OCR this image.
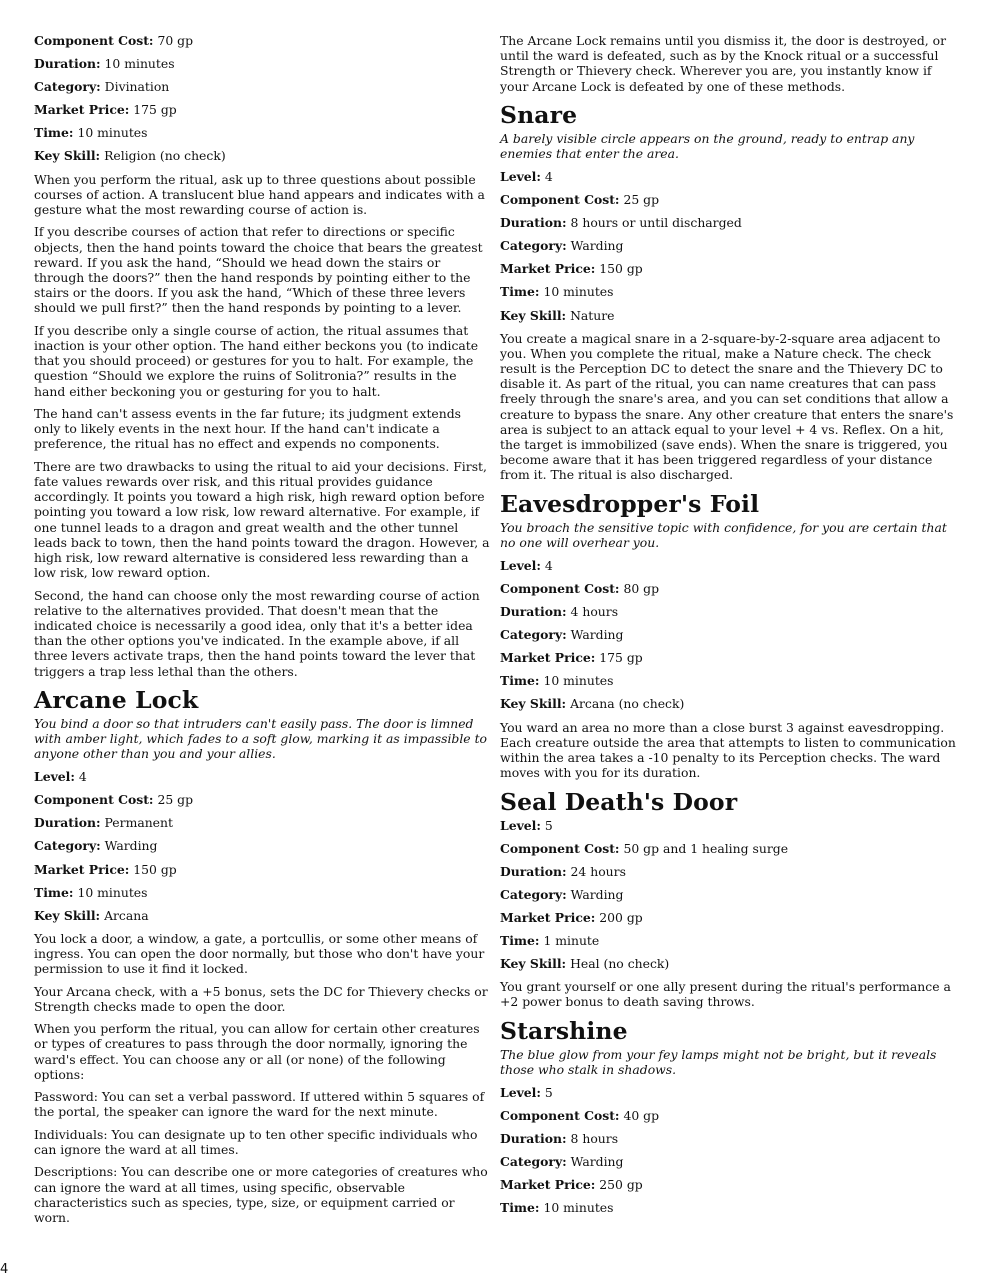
Component Cost: 70 gp
Duration: 10 minutes
Category: Divination
Market Price: 175 gp
Time: 10 minutes
Key Skill: Religion (no check)

When you perform the ritual, ask up to three questions about possible courses of action. A translucent blue hand appears and indicates with a gesture what the most rewarding course of action is.

If you describe courses of action that refer to directions or specific objects, then the hand points toward the choice that bears the greatest reward. If you ask the hand, “Should we head down the stairs or through the doors?” then the hand responds by pointing either to the stairs or the doors. If you ask the hand, “Which of these three levers should we pull first?” then the hand responds by pointing to a lever.

If you describe only a single course of action, the ritual assumes that inaction is your other option. The hand either beckons you (to indicate that you should proceed) or gestures for you to halt. For example, the question “Should we explore the ruins of Solitronia?” results in the hand either beckoning you or gesturing for you to halt.

The hand can't assess events in the far future; its judgment extends only to likely events in the next hour. If the hand can't indicate a preference, the ritual has no effect and expends no components.

There are two drawbacks to using the ritual to aid your decisions. First, fate values rewards over risk, and this ritual provides guidance accordingly. It points you toward a high risk, high reward option before pointing you toward a low risk, low reward alternative. For example, if one tunnel leads to a dragon and great wealth and the other tunnel leads back to town, then the hand points toward the dragon. However, a high risk, low reward alternative is considered less rewarding than a low risk, low reward option.

Second, the hand can choose only the most rewarding course of action relative to the alternatives provided. That doesn't mean that the indicated choice is necessarily a good idea, only that it's a better idea than the other options you've indicated. In the example above, if all three levers activate traps, then the hand points toward the lever that triggers a trap less lethal than the others.

Arcane Lock

You bind a door so that intruders can't easily pass. The door is limned with amber light, which fades to a soft glow, marking it as impassible to anyone other than you and your allies.

Level: 4
Component Cost: 25 gp
Duration: Permanent
Category: Warding
Market Price: 150 gp
Time: 10 minutes
Key Skill: Arcana

You lock a door, a window, a gate, a portcullis, or some other means of ingress. You can open the door normally, but those who don't have your permission to use it find it locked.

Your Arcana check, with a +5 bonus, sets the DC for Thievery checks or Strength checks made to open the door.

When you perform the ritual, you can allow for certain other creatures or types of creatures to pass through the door normally, ignoring the ward's effect. You can choose any or all (or none) of the following options:

Password: You can set a verbal password. If uttered within 5 squares of the portal, the speaker can ignore the ward for the next minute.

Individuals: You can designate up to ten other specific individuals who can ignore the ward at all times.

Descriptions: You can describe one or more categories of creatures who can ignore the ward at all times, using specific, observable characteristics such as species, type, size, or equipment carried or worn.

The Arcane Lock remains until you dismiss it, the door is destroyed, or until the ward is defeated, such as by the Knock ritual or a successful Strength or Thievery check. Wherever you are, you instantly know if your Arcane Lock is defeated by one of these methods.

Snare

A barely visible circle appears on the ground, ready to entrap any enemies that enter the area.

Level: 4
Component Cost: 25 gp
Duration: 8 hours or until discharged
Category: Warding
Market Price: 150 gp
Time: 10 minutes
Key Skill: Nature

You create a magical snare in a 2-square-by-2-square area adjacent to you. When you complete the ritual, make a Nature check. The check result is the Perception DC to detect the snare and the Thievery DC to disable it. As part of the ritual, you can name creatures that can pass freely through the snare's area, and you can set conditions that allow a creature to bypass the snare. Any other creature that enters the snare's area is subject to an attack equal to your level + 4 vs. Reflex. On a hit, the target is immobilized (save ends). When the snare is triggered, you become aware that it has been triggered regardless of your distance from it. The ritual is also discharged.

Eavesdropper's Foil

You broach the sensitive topic with confidence, for you are certain that no one will overhear you.

Level: 4
Component Cost: 80 gp
Duration: 4 hours
Category: Warding
Market Price: 175 gp
Time: 10 minutes
Key Skill: Arcana (no check)

You ward an area no more than a close burst 3 against eavesdropping. Each creature outside the area that attempts to listen to communication within the area takes a -10 penalty to its Perception checks. The ward moves with you for its duration.

Seal Death's Door
Level: 5
Component Cost: 50 gp and 1 healing surge
Duration: 24 hours
Category: Warding
Market Price: 200 gp
Time: 1 minute
Key Skill: Heal (no check)

You grant yourself or one ally present during the ritual's performance a +2 power bonus to death saving throws.

Starshine

The blue glow from your fey lamps might not be bright, but it reveals those who stalk in shadows.

Level: 5
Component Cost: 40 gp
Duration: 8 hours
Category: Warding
Market Price: 250 gp
Time: 10 minutes
4
